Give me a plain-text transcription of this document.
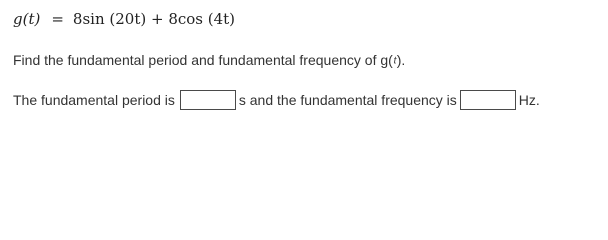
g(t) = 8sin (20t) + 8cos (4t)
Find the fundamental period and fundamental frequency of g(t).
The fundamental period is	s and the fundamental frequency is	Hz.
